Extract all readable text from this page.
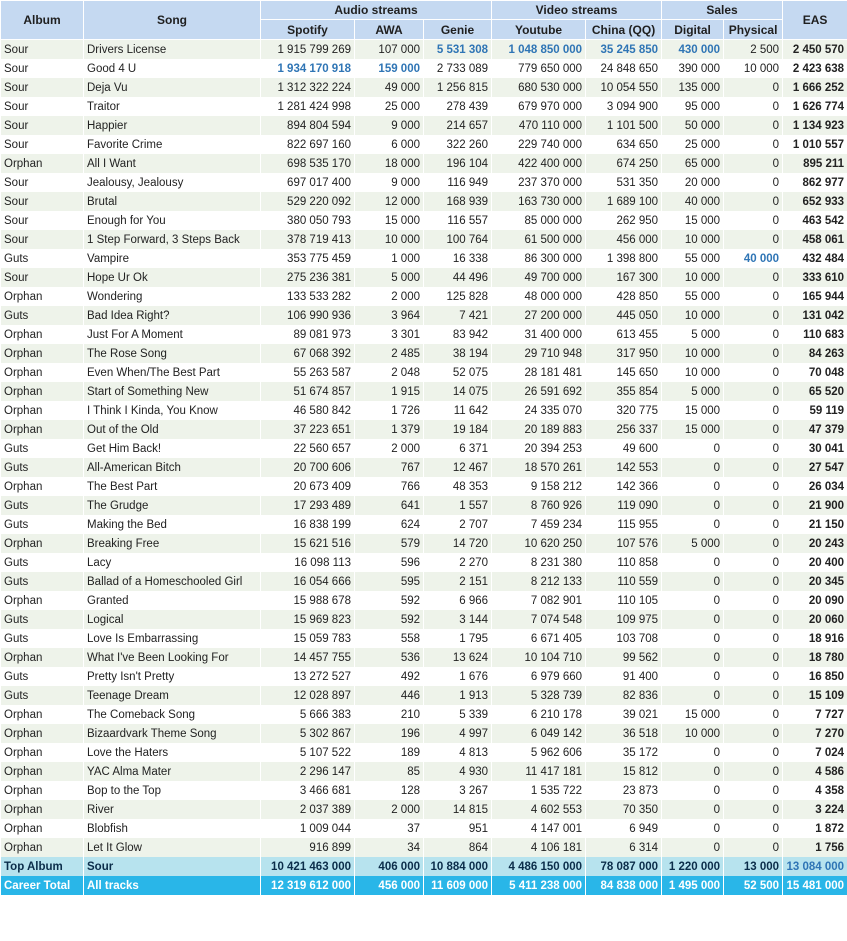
Album	Song	Audio streams			Video streams		Sales		EAS
		Spotify	AWA	Genie	Youtube	China (QQ)	Digital	Physical	
Sour	Drivers License	1 915 799 269	107 000	5 531 308	1 048 850 000	35 245 850	430 000	2 500	2 450 570
Sour	Good 4 U	1 934 170 918	159 000	2 733 089	779 650 000	24 848 650	390 000	10 000	2 423 638
Sour	Deja Vu	1 312 322 224	49 000	1 256 815	680 530 000	10 054 550	135 000	0	1 666 252
Sour	Traitor	1 281 424 998	25 000	278 439	679 970 000	3 094 900	95 000	0	1 626 774
Sour	Happier	894 804 594	9 000	214 657	470 110 000	1 101 500	50 000	0	1 134 923
Sour	Favorite Crime	822 697 160	6 000	322 260	229 740 000	634 650	25 000	0	1 010 557
Orphan	All I Want	698 535 170	18 000	196 104	422 400 000	674 250	65 000	0	895 211
Sour	Jealousy, Jealousy	697 017 400	9 000	116 949	237 370 000	531 350	20 000	0	862 977
Sour	Brutal	529 220 092	12 000	168 939	163 730 000	1 689 100	40 000	0	652 933
Sour	Enough for You	380 050 793	15 000	116 557	85 000 000	262 950	15 000	0	463 542
Sour	1 Step Forward, 3 Steps Back	378 719 413	10 000	100 764	61 500 000	456 000	10 000	0	458 061
Guts	Vampire	353 775 459	1 000	16 338	86 300 000	1 398 800	55 000	40 000	432 484
Sour	Hope Ur Ok	275 236 381	5 000	44 496	49 700 000	167 300	10 000	0	333 610
Orphan	Wondering	133 533 282	2 000	125 828	48 000 000	428 850	55 000	0	165 944
Guts	Bad Idea Right?	106 990 936	3 964	7 421	27 200 000	445 050	10 000	0	131 042
Orphan	Just For A Moment	89 081 973	3 301	83 942	31 400 000	613 455	5 000	0	110 683
Orphan	The Rose Song	67 068 392	2 485	38 194	29 710 948	317 950	10 000	0	84 263
Orphan	Even When/The Best Part	55 263 587	2 048	52 075	28 181 481	145 650	10 000	0	70 048
Orphan	Start of Something New	51 674 857	1 915	14 075	26 591 692	355 854	5 000	0	65 520
Orphan	I Think I Kinda, You Know	46 580 842	1 726	11 642	24 335 070	320 775	15 000	0	59 119
Orphan	Out of the Old	37 223 651	1 379	19 184	20 189 883	256 337	15 000	0	47 379
Guts	Get Him Back!	22 560 657	2 000	6 371	20 394 253	49 600	0	0	30 041
Guts	All-American Bitch	20 700 606	767	12 467	18 570 261	142 553	0	0	27 547
Orphan	The Best Part	20 673 409	766	48 353	9 158 212	142 366	0	0	26 034
Guts	The Grudge	17 293 489	641	1 557	8 760 926	119 090	0	0	21 900
Guts	Making the Bed	16 838 199	624	2 707	7 459 234	115 955	0	0	21 150
Orphan	Breaking Free	15 621 516	579	14 720	10 620 250	107 576	5 000	0	20 243
Guts	Lacy	16 098 113	596	2 270	8 231 380	110 858	0	0	20 400
Guts	Ballad of a Homeschooled Girl	16 054 666	595	2 151	8 212 133	110 559	0	0	20 345
Orphan	Granted	15 988 678	592	6 966	7 082 901	110 105	0	0	20 090
Guts	Logical	15 969 823	592	3 144	7 074 548	109 975	0	0	20 060
Guts	Love Is Embarrassing	15 059 783	558	1 795	6 671 405	103 708	0	0	18 916
Orphan	What I've Been Looking For	14 457 755	536	13 624	10 104 710	99 562	0	0	18 780
Guts	Pretty Isn't Pretty	13 272 527	492	1 676	6 979 660	91 400	0	0	16 850
Guts	Teenage Dream	12 028 897	446	1 913	5 328 739	82 836	0	0	15 109
Orphan	The Comeback Song	5 666 383	210	5 339	6 210 178	39 021	15 000	0	7 727
Orphan	Bizaardvark Theme Song	5 302 867	196	4 997	6 049 142	36 518	10 000	0	7 270
Orphan	Love the Haters	5 107 522	189	4 813	5 962 606	35 172	0	0	7 024
Orphan	YAC Alma Mater	2 296 147	85	4 930	11 417 181	15 812	0	0	4 586
Orphan	Bop to the Top	3 466 681	128	3 267	1 535 722	23 873	0	0	4 358
Orphan	River	2 037 389	2 000	14 815	4 602 553	70 350	0	0	3 224
Orphan	Blobfish	1 009 044	37	951	4 147 001	6 949	0	0	1 872
Orphan	Let It Glow	916 899	34	864	4 106 181	6 314	0	0	1 756
Top Album	Sour	10 421 463 000	406 000	10 884 000	4 486 150 000	78 087 000	1 220 000	13 000	13 084 000
Career Total	All tracks	12 319 612 000	456 000	11 609 000	5 411 238 000	84 838 000	1 495 000	52 500	15 481 000
